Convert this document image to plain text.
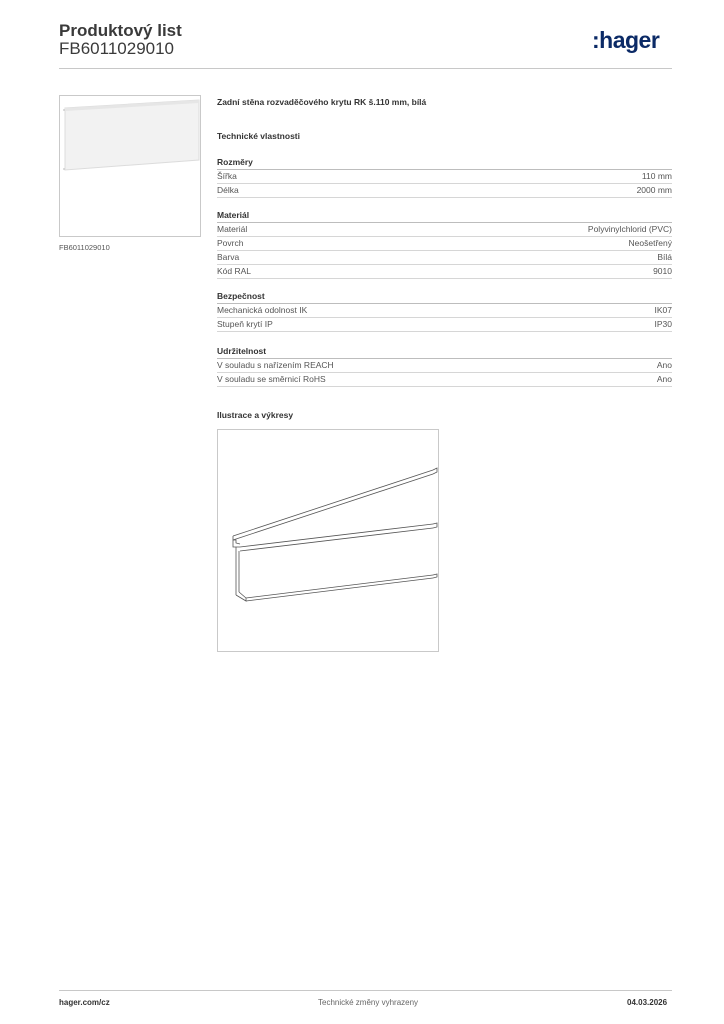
Produktový list
FB6011029010	:hager
FB6011029010
Zadní stěna rozvaděčového krytu RK š.110 mm, bílá
Technické vlastnosti
Rozměry
Šířka	110 mm
Délka	2000 mm
Materiál
Materiál	Polyvinylchlorid (PVC)
Povrch	Neošetřený
Barva	Bílá
Kód RAL	9010
Bezpečnost
Mechanická odolnost IK	IK07
Stupeň krytí IP	IP30
Udržitelnost
V souladu s nařízením REACH	Ano
V souladu se směrnicí RoHS	Ano
Ilustrace a výkresy
hager.com/cz	Technické změny vyhrazeny	04.03.2026
